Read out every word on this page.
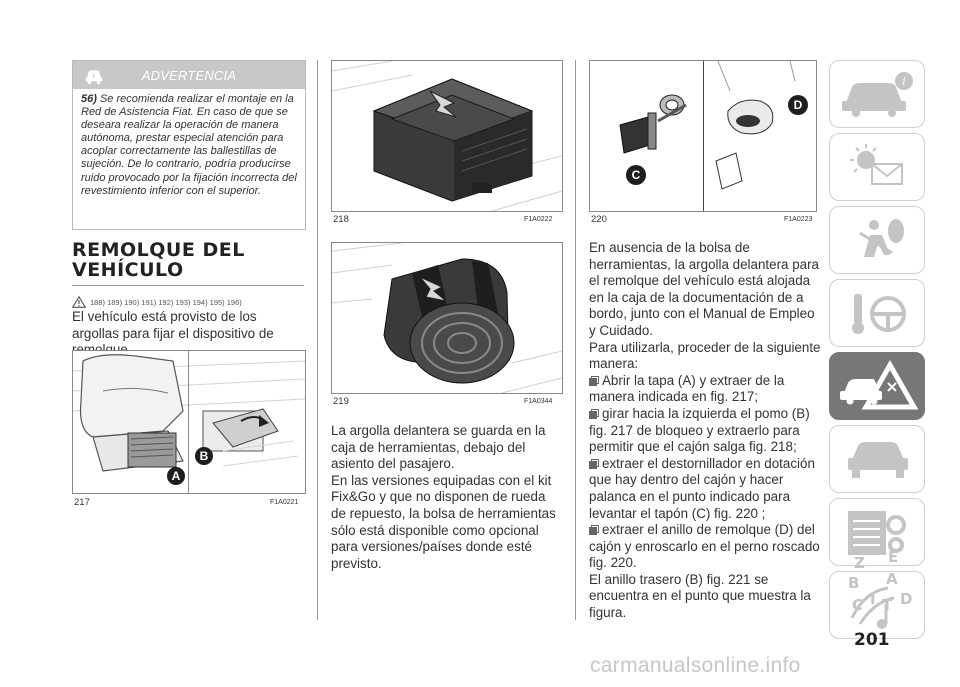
!	ADVERTENCIA
56) Se recomienda realizar el montaje en la Red de Asistencia Fiat. En caso de que se deseara realizar la operación de manera autónoma, prestar especial atención para acoplar correctamente las ballestillas de sujeción. De lo contrario, podría producirse ruido provocado por la fijación incorrecta del revestimiento inferior con el superior.
REMOLQUE DEL
VEHÍCULO
188) 189) 190) 191) 192) 193) 194) 195) 196)
El vehículo está provisto de los argollas para fijar el dispositivo de
A
B
217	F1A0221
218	F1A0222
219	F1A0344
La argolla delantera se guarda en la caja de herramientas, debajo del asiento del pasajero.
En las versiones equipadas con el kit Fix&Go y que no disponen de rueda de repuesto, la bolsa de herramientas sólo está disponible como opcional para versiones/países donde esté previsto.
C
D
220	F1A0223
En ausencia de la bolsa de herramientas, la argolla delantera para el remolque del vehículo está alojada en la caja de la documentación de a bordo, junto con el Manual de Empleo y Cuidado.
Para utilizarla, proceder de la siguiente manera:
Abrir la tapa (A) y extraer de la manera indicada en fig. 217;
girar hacia la izquierda el pomo (B) fig. 217 de bloqueo y extraerlo para permitir que el cajón salga fig. 218;
extraer el destornillador en dotación que hay dentro del cajón y hacer palanca en el punto indicado para levantar el tapón (C) fig. 220 ;
extraer el anillo de remolque (D) del cajón y enroscarlo en el perno roscado fig. 220.
El anillo trasero (B) fig. 221 se encuentra en el punto que muestra la figura.
i
Z E
B A
I
C T D
201
carmanualsonline.info
